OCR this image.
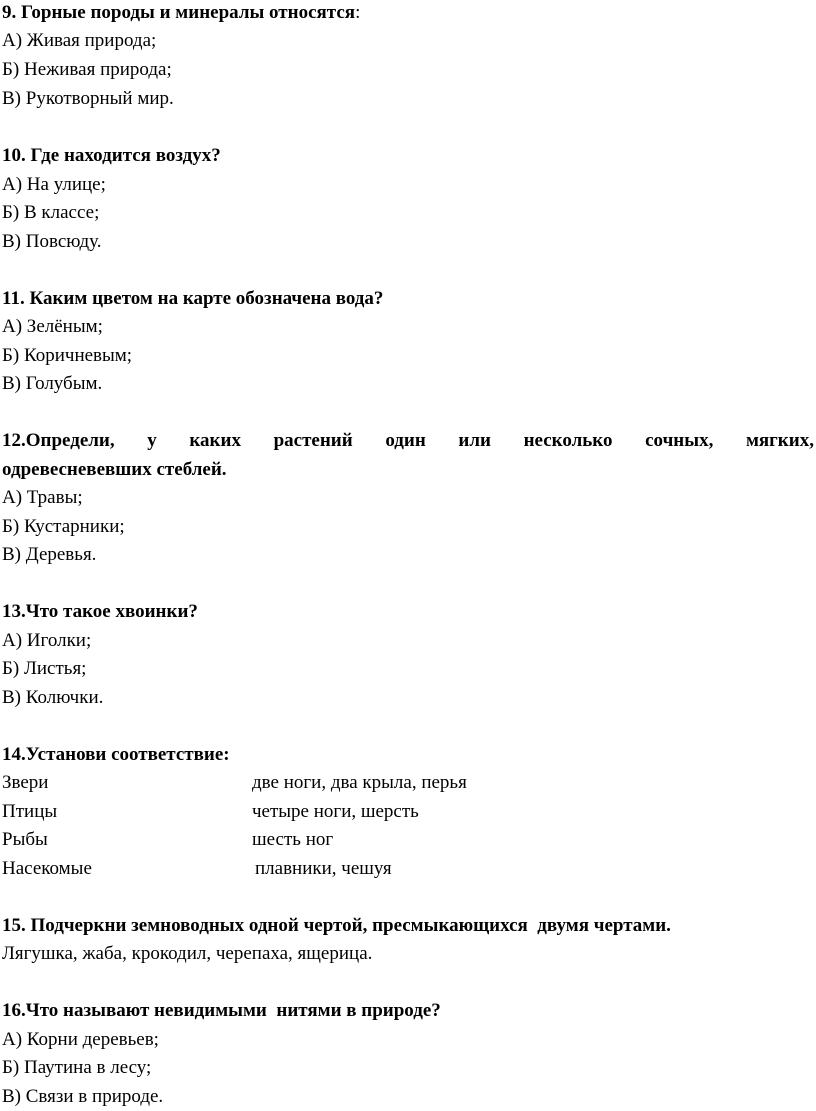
9. Горные породы и минералы относятся:
А) Живая природа;
Б) Неживая природа;
В) Рукотворный мир.
10. Где находится воздух?
А) На улице;
Б) В классе;
В) Повсюду.
11. Каким цветом на карте обозначена вода?
А) Зелёным;
Б) Коричневым;
В) Голубым.
12.Определи, у каких растений один или несколько сочных, мягких,
одревесневевших стеблей.
А) Травы;
Б) Кустарники;
В) Деревья.
13.Что такое хвоинки?
А) Иголки;
Б) Листья;
В) Колючки.
14.Установи соответствие:
Звери	две ноги, два крыла, перья
Птицы	четыре ноги, шерсть
Рыбы	шесть ног
Насекомые	плавники, чешуя
15. Подчеркни земноводных одной чертой, пресмыкающихся  двумя чертами.
Лягушка, жаба, крокодил, черепаха, ящерица.
16.Что называют невидимыми  нитями в природе?
А) Корни деревьев;
Б) Паутина в лесу;
В) Связи в природе.
